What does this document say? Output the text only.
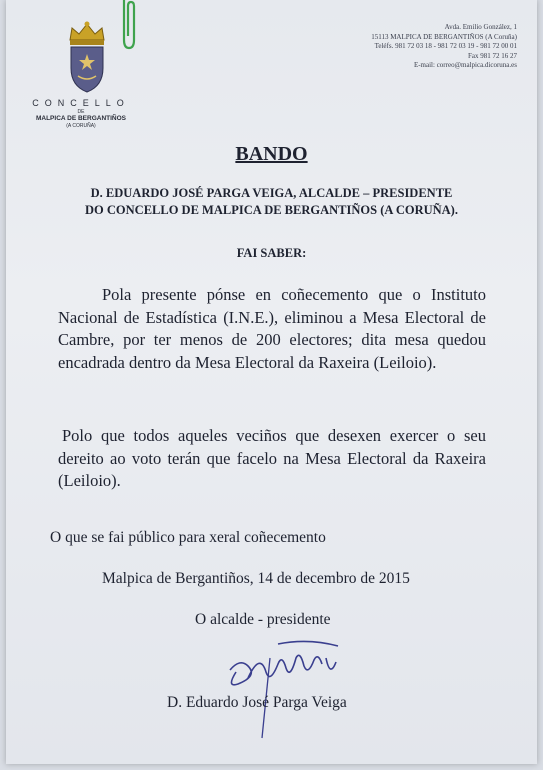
CONCELLO
DE
MALPICA DE BERGANTIÑOS
(A CORUÑA)
Avda. Emilio González, 1
15113 MALPICA DE BERGANTIÑOS (A Coruña)
Teléfs. 981 72 03 18 - 981 72 03 19 - 981 72 00 01
Fax 981 72 16 27
E-mail: correo@malpica.dicoruna.es
BANDO
D. EDUARDO JOSÉ PARGA VEIGA, ALCALDE – PRESIDENTE
DO CONCELLO DE MALPICA DE BERGANTIÑOS (A CORUÑA).
FAI SABER:
Pola presente pónse en coñecemento que o Instituto Nacional de Estadística (I.N.E.), eliminou a Mesa Electoral de Cambre, por ter menos de 200 electores; dita mesa quedou encadrada dentro da Mesa Electoral da Raxeira (Leiloio).
Polo que todos aqueles veciños que desexen exercer o seu dereito ao voto terán que facelo na Mesa Electoral da Raxeira (Leiloio).
O que se fai público para xeral coñecemento
Malpica de Bergantiños, 14 de decembro de 2015
O alcalde - presidente
D. Eduardo José Parga Veiga
